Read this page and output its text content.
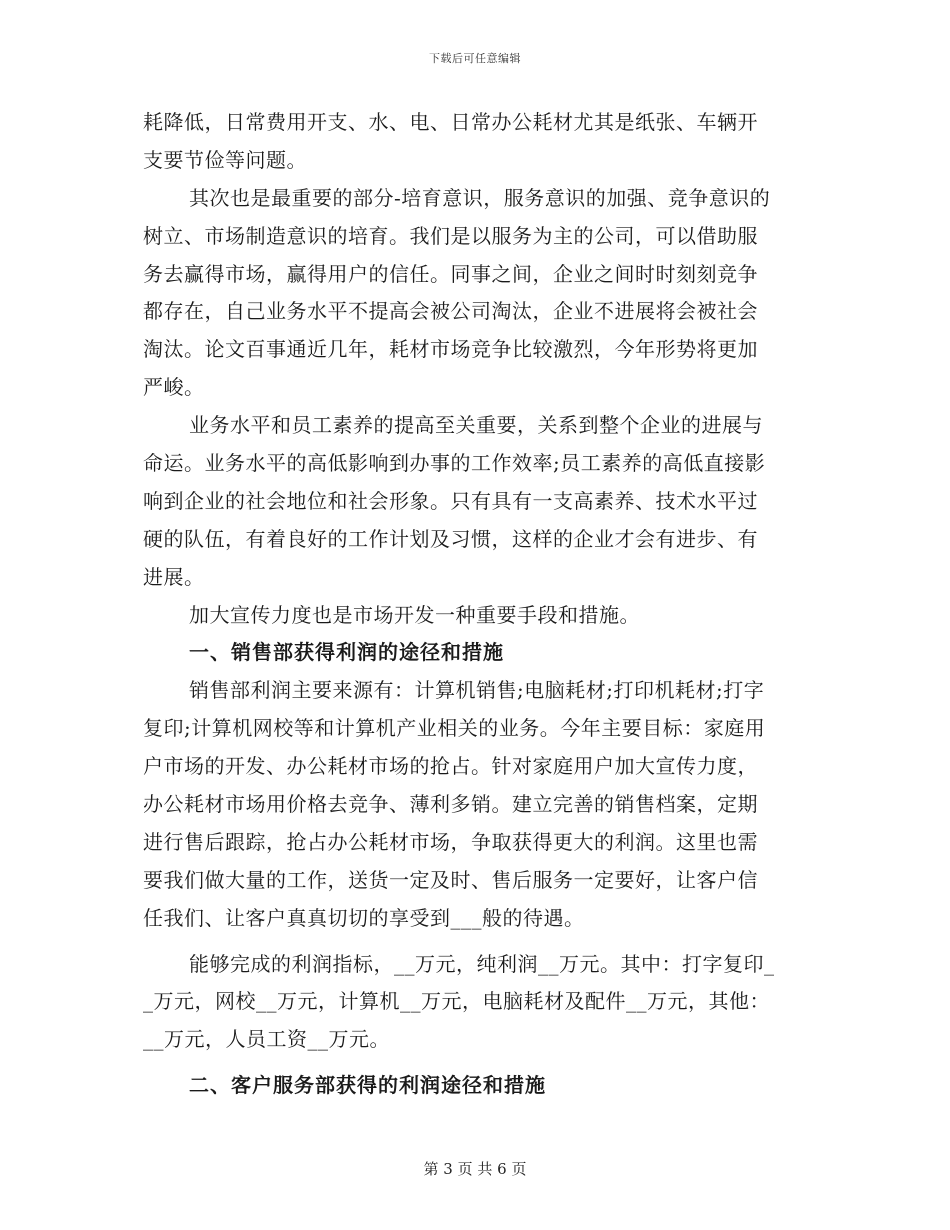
下载后可任意编辑
耗降低，日常费用开支、水、电、日常办公耗材尤其是纸张、车辆开
支要节俭等问题。
其次也是最重要的部分-培育意识，服务意识的加强、竞争意识的
树立、市场制造意识的培育。我们是以服务为主的公司，可以借助服
务去赢得市场，赢得用户的信任。同事之间，企业之间时时刻刻竞争
都存在，自己业务水平不提高会被公司淘汰，企业不进展将会被社会
淘汰。论文百事通近几年，耗材市场竞争比较激烈，今年形势将更加
严峻。
业务水平和员工素养的提高至关重要，关系到整个企业的进展与
命运。业务水平的高低影响到办事的工作效率;员工素养的高低直接影
响到企业的社会地位和社会形象。只有具有一支高素养、技术水平过
硬的队伍，有着良好的工作计划及习惯，这样的企业才会有进步、有
进展。
加大宣传力度也是市场开发一种重要手段和措施。
一、销售部获得利润的途径和措施
销售部利润主要来源有：计算机销售;电脑耗材;打印机耗材;打字
复印;计算机网校等和计算机产业相关的业务。今年主要目标：家庭用
户市场的开发、办公耗材市场的抢占。针对家庭用户加大宣传力度，
办公耗材市场用价格去竞争、薄利多销。建立完善的销售档案，定期
进行售后跟踪，抢占办公耗材市场，争取获得更大的利润。这里也需
要我们做大量的工作，送货一定及时、售后服务一定要好，让客户信
任我们、让客户真真切切的享受到___般的待遇。
能够完成的利润指标，__万元，纯利润__万元。其中：打字复印_
_万元，网校__万元，计算机__万元，电脑耗材及配件__万元，其他：
__万元，人员工资__万元。
二、客户服务部获得的利润途径和措施
第 3 页 共 6 页
